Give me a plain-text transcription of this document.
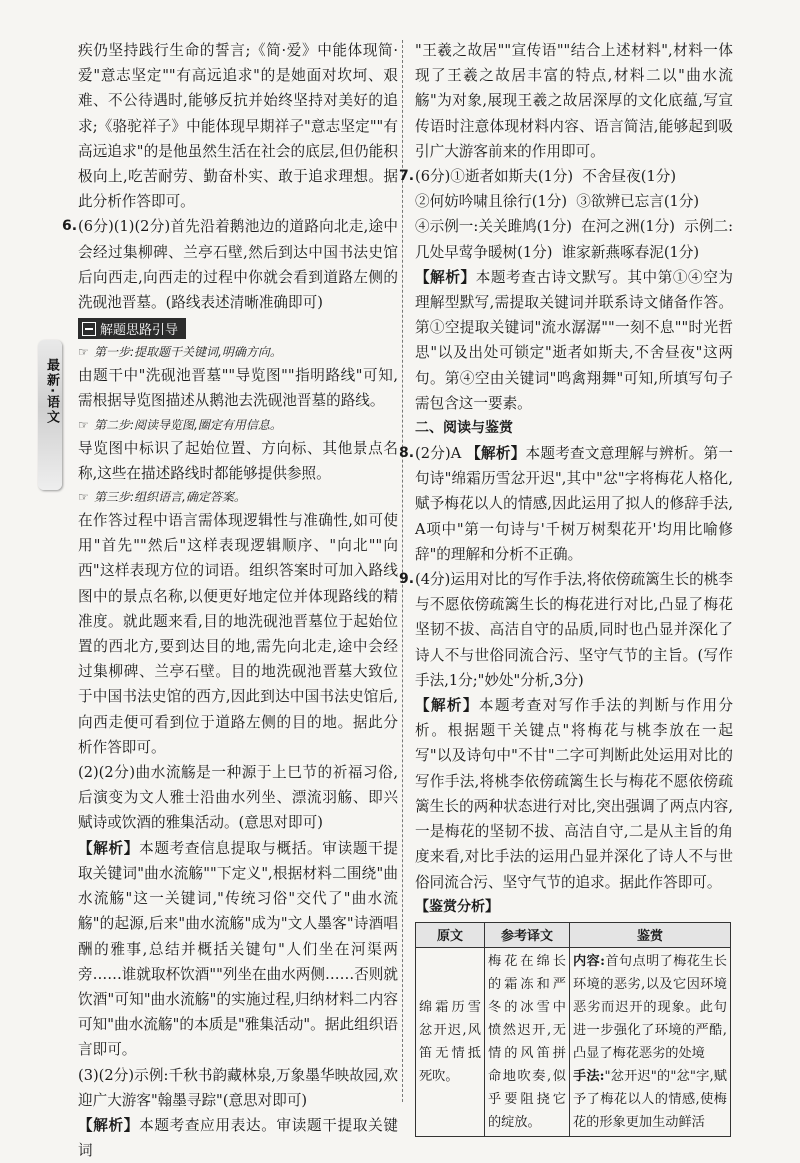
最新·语文

疾仍坚持践行生命的誓言;《简·爱》中能体现简·爱"意志坚定""有高远追求"的是她面对坎坷、艰难、不公待遇时,能够反抗并始终坚持对美好的追求;《骆驼祥子》中能体现早期祥子"意志坚定""有高远追求"的是他虽然生活在社会的底层,但仍能积极向上,吃苦耐劳、勤奋朴实、敢于追求理想。据此分析作答即可。

6. (6分)(1)(2分)首先沿着鹅池边的道路向北走,途中会经过集柳碑、兰亭石壁,然后到达中国书法史馆后向西走,向西走的过程中你就会看到道路左侧的洗砚池晋墓。(路线表述清晰准确即可)

解题思路引导

☞ 第一步:提取题干关键词,明确方向。

由题干中"洗砚池晋墓""导览图""指明路线"可知,需根据导览图描述从鹅池去洗砚池晋墓的路线。

☞ 第二步:阅读导览图,圈定有用信息。

导览图中标识了起始位置、方向标、其他景点名称,这些在描述路线时都能够提供参照。

☞ 第三步:组织语言,确定答案。

在作答过程中语言需体现逻辑性与准确性,如可使用"首先""然后"这样表现逻辑顺序、"向北""向西"这样表现方位的词语。组织答案时可加入路线图中的景点名称,以便更好地定位并体现路线的精准度。就此题来看,目的地洗砚池晋墓位于起始位置的西北方,要到达目的地,需先向北走,途中会经过集柳碑、兰亭石壁。目的地洗砚池晋墓大致位于中国书法史馆的西方,因此到达中国书法史馆后,向西走便可看到位于道路左侧的目的地。据此分析作答即可。

(2)(2分)曲水流觞是一种源于上巳节的祈福习俗,后演变为文人雅士沿曲水列坐、漂流羽觞、即兴赋诗或饮酒的雅集活动。(意思对即可)

【解析】本题考查信息提取与概括。审读题干提取关键词"曲水流觞""下定义",根据材料二围绕"曲水流觞"这一关键词,"传统习俗"交代了"曲水流觞"的起源,后来"曲水流觞"成为"文人墨客"诗酒唱酬的雅事,总结并概括关键句"人们坐在河渠两旁……谁就取杯饮酒""列坐在曲水两侧……否则就饮酒"可知"曲水流觞"的实施过程,归纳材料二内容可知"曲水流觞"的本质是"雅集活动"。据此组织语言即可。

(3)(2分)示例:千秋书韵藏林泉,万象墨华映故园,欢迎广大游客"翰墨寻踪"(意思对即可)

【解析】本题考查应用表达。审读题干提取关键词

"王羲之故居""宣传语""结合上述材料",材料一体现了王羲之故居丰富的特点,材料二以"曲水流觞"为对象,展现王羲之故居深厚的文化底蕴,写宣传语时注意体现材料内容、语言简洁,能够起到吸引广大游客前来的作用即可。

7. (6分)①逝者如斯夫(1分)  不舍昼夜(1分)

②何妨吟啸且徐行(1分)  ③欲辨已忘言(1分)

④示例一:关关雎鸠(1分)  在河之洲(1分)  示例二:几处早莺争暖树(1分)  谁家新燕啄春泥(1分)

【解析】本题考查古诗文默写。其中第①④空为理解型默写,需提取关键词并联系诗文储备作答。第①空提取关键词"流水潺潺""一刻不息""时光哲思"以及出处可锁定"逝者如斯夫,不舍昼夜"这两句。第④空由关键词"鸣禽翔舞"可知,所填写句子需包含这一要素。

二、阅读与鉴赏

8. (2分)A 【解析】本题考查文意理解与辨析。第一句诗"绵霜历雪忿开迟",其中"忿"字将梅花人格化,赋予梅花以人的情感,因此运用了拟人的修辞手法,A项中"第一句诗与'千树万树梨花开'均用比喻修辞"的理解和分析不正确。

9. (4分)运用对比的写作手法,将依傍疏篱生长的桃李与不愿依傍疏篱生长的梅花进行对比,凸显了梅花坚韧不拔、高洁自守的品质,同时也凸显并深化了诗人不与世俗同流合污、坚守气节的主旨。(写作手法,1分;"妙处"分析,3分)

【解析】本题考查对写作手法的判断与作用分析。根据题干关键点"将梅花与桃李放在一起写"以及诗句中"不甘"二字可判断此处运用对比的写作手法,将桃李依傍疏篱生长与梅花不愿依傍疏篱生长的两种状态进行对比,突出强调了两点内容,一是梅花的坚韧不拔、高洁自守,二是从主旨的角度来看,对比手法的运用凸显并深化了诗人不与世俗同流合污、坚守气节的追求。据此作答即可。

【鉴赏分析】

原文	参考译文	鉴赏
绵霜历雪忿开迟,风笛无情抵死吹。	梅花在绵长的霜冻和严冬的冰雪中愤然迟开,无情的风笛拼命地吹奏,似乎要阻挠它的绽放。	内容:首句点明了梅花生长环境的恶劣,以及它因环境恶劣而迟开的现象。此句进一步强化了环境的严酷,凸显了梅花恶劣的处境
手法:"忿开迟"的"忿"字,赋予了梅花以人的情感,使梅花的形象更加生动鲜活
